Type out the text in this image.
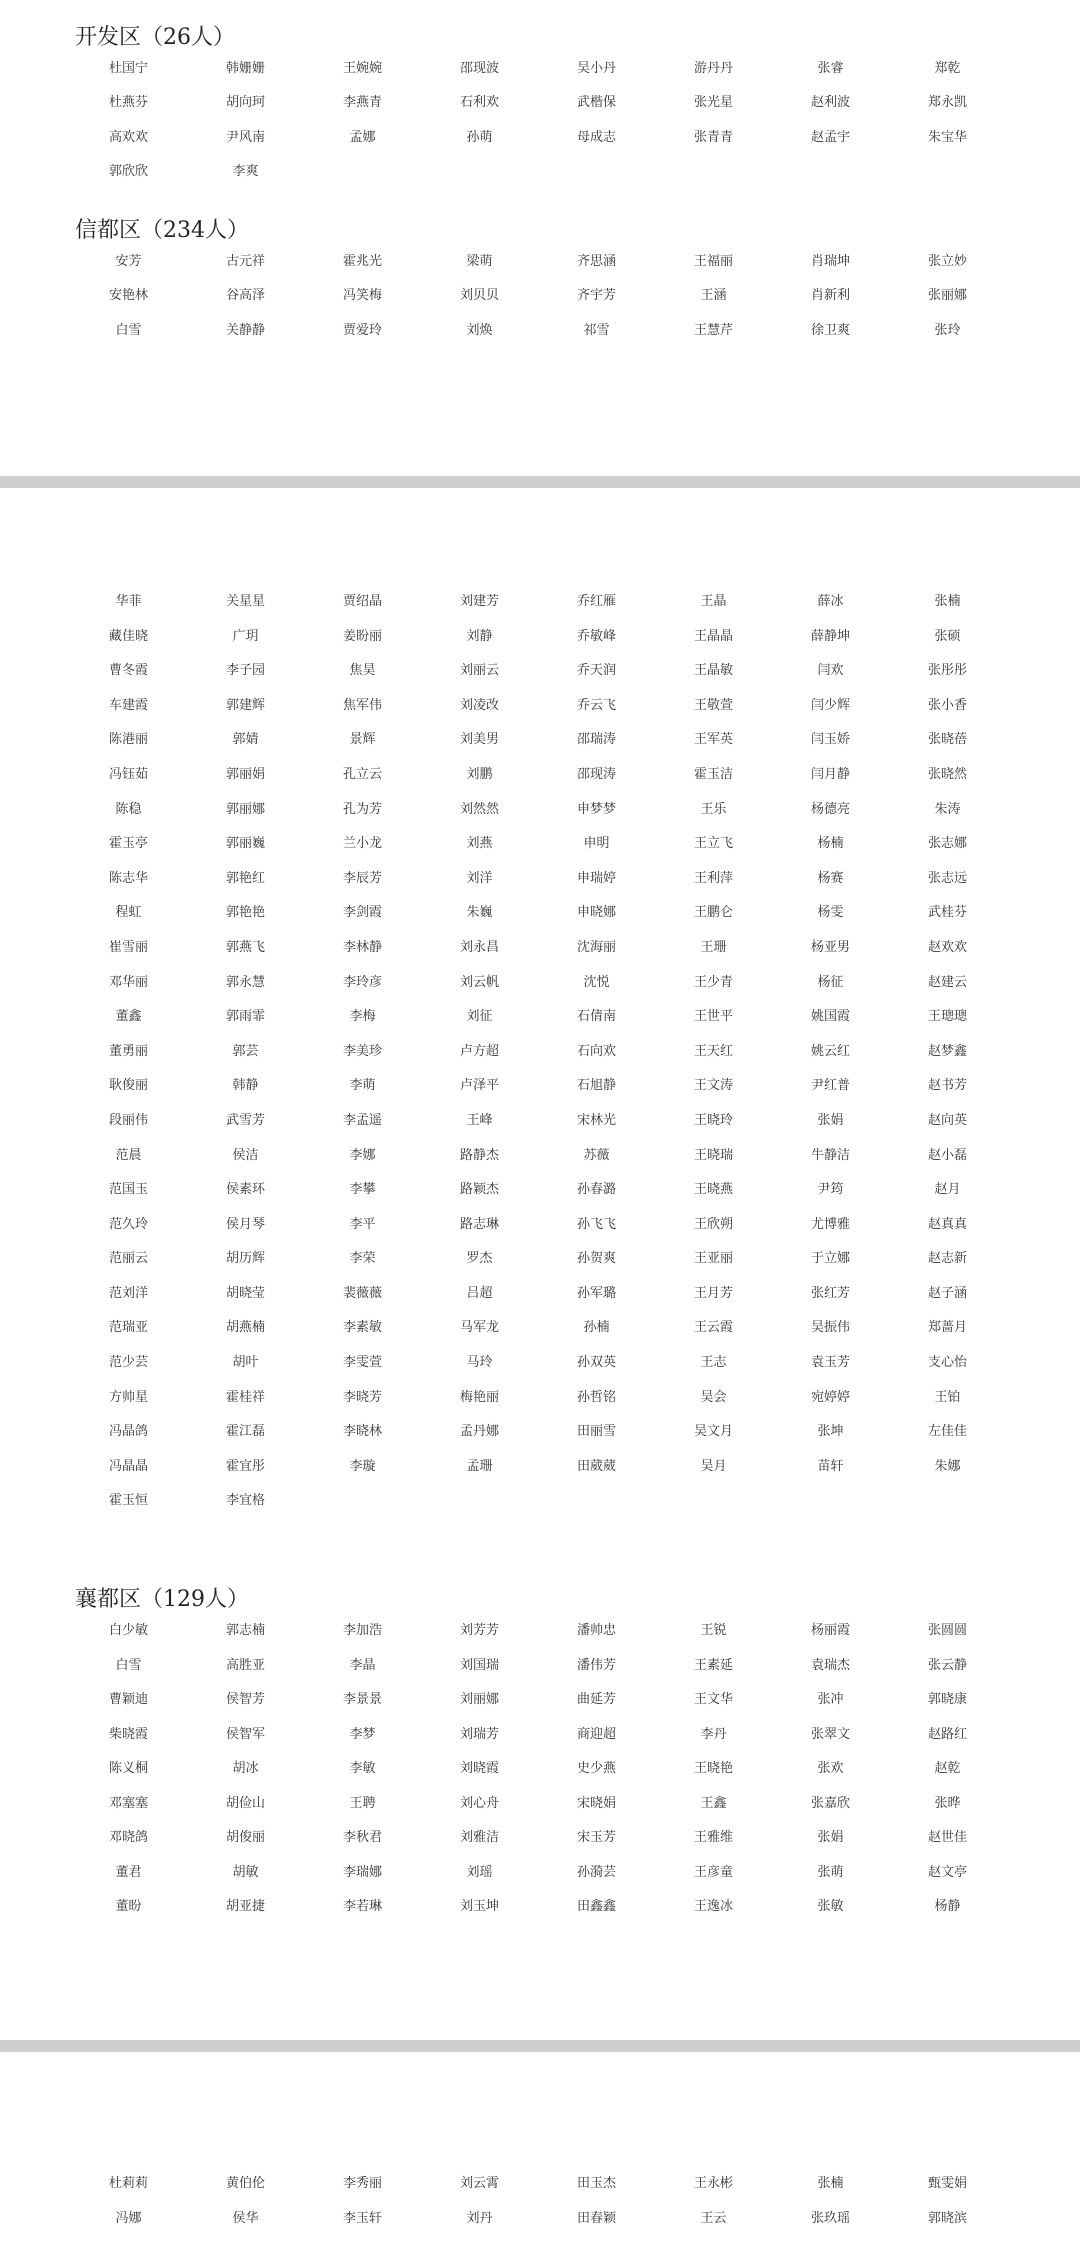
开发区（26人）
杜国宁	韩姗姗	王婉婉	邵现波	吴小丹	游丹丹	张睿	郑乾
杜燕芬	胡向珂	李燕青	石利欢	武楷保	张光星	赵利波	郑永凯
高欢欢	尹风南	孟娜	孙萌	母成志	张青青	赵孟宇	朱宝华
郭欣欣	李爽
信都区（234人）
安芳	古元祥	霍兆光	梁萌	齐思涵	王福丽	肖瑞坤	张立妙
安艳林	谷高泽	冯笑梅	刘贝贝	齐宇芳	王涵	肖新利	张丽娜
白雪	关静静	贾爱玲	刘焕	祁雪	王慧芹	徐卫爽	张玲
华菲	关星星	贾绍晶	刘建芳	乔红雁	王晶	薛冰	张楠
藏佳晓	广玥	姜盼丽	刘静	乔敏峰	王晶晶	薛静坤	张硕
曹冬霞	李子园	焦昊	刘丽云	乔天润	王晶敏	闫欢	张彤彤
车建霞	郭建辉	焦军伟	刘凌改	乔云飞	王敬萱	闫少辉	张小香
陈港丽	郭婧	景辉	刘美男	邵瑞涛	王军英	闫玉娇	张晓蓓
冯钰茹	郭丽娟	孔立云	刘鹏	邵现涛	霍玉洁	闫月静	张晓然
陈稳	郭丽娜	孔为芳	刘然然	申梦梦	王乐	杨德亮	朱涛
霍玉亭	郭丽巍	兰小龙	刘燕	申明	王立飞	杨楠	张志娜
陈志华	郭艳红	李辰芳	刘洋	申瑞婷	王利萍	杨赛	张志远
程虹	郭艳艳	李剑霞	朱巍	申晓娜	王鹏仑	杨雯	武桂芬
崔雪丽	郭燕飞	李林静	刘永昌	沈海丽	王珊	杨亚男	赵欢欢
邓华丽	郭永慧	李玲彦	刘云帆	沈悦	王少青	杨征	赵建云
董鑫	郭雨霏	李梅	刘征	石倩南	王世平	姚国霞	王璁璁
董勇丽	郭芸	李美珍	卢方超	石向欢	王天红	姚云红	赵梦鑫
耿俊丽	韩静	李萌	卢泽平	石旭静	王文涛	尹红普	赵书芳
段丽伟	武雪芳	李孟遥	王峰	宋林光	王晓玲	张娟	赵向英
范晨	侯洁	李娜	路静杰	苏薇	王晓瑞	牛静洁	赵小磊
范国玉	侯素环	李攀	路颖杰	孙春潞	王晓燕	尹筠	赵月
范久玲	侯月琴	李平	路志琳	孙飞飞	王欣朔	尤博雅	赵真真
范丽云	胡历辉	李荣	罗杰	孙贺爽	王亚丽	于立娜	赵志新
范刘洋	胡晓莹	裴薇薇	吕超	孙军璐	王月芳	张红芳	赵子涵
范瑞亚	胡燕楠	李素敏	马军龙	孙楠	王云霞	吴振伟	郑蔷月
范少芸	胡叶	李雯萱	马玲	孙双英	王志	袁玉芳	支心怡
方帅星	霍桂祥	李晓芳	梅艳丽	孙哲铭	吴会	宛婷婷	王铂
冯晶鸽	霍江磊	李晓林	孟丹娜	田丽雪	吴文月	张坤	左佳佳
冯晶晶	霍宜彤	李璇	孟珊	田葳葳	吴月	苗轩	朱娜
霍玉恒	李宜格
襄都区（129人）
白少敏	郭志楠	李加浩	刘芳芳	潘帅忠	王锐	杨丽霞	张圆圆
白雪	高胜亚	李晶	刘国瑞	潘伟芳	王素延	袁瑞杰	张云静
曹颖迪	侯智芳	李景景	刘丽娜	曲延芳	王文华	张冲	郭晓康
柴晓霞	侯智军	李梦	刘瑞芳	商迎超	李丹	张翠文	赵路红
陈义桐	胡冰	李敏	刘晓霞	史少燕	王晓艳	张欢	赵乾
邓塞塞	胡俭山	王聘	刘心舟	宋晓娟	王鑫	张嘉欣	张晔
邓晓鸽	胡俊丽	李秋君	刘雅洁	宋玉芳	王雅维	张娟	赵世佳
董君	胡敏	李瑞娜	刘瑶	孙漪芸	王彦童	张萌	赵文亭
董盼	胡亚捷	李若琳	刘玉坤	田鑫鑫	王逸冰	张敏	杨静
杜莉莉	黄伯伦	李秀丽	刘云霄	田玉杰	王永彬	张楠	甄雯娟
冯娜	侯华	李玉轩	刘丹	田春颖	王云	张玖瑶	郭晓滨
